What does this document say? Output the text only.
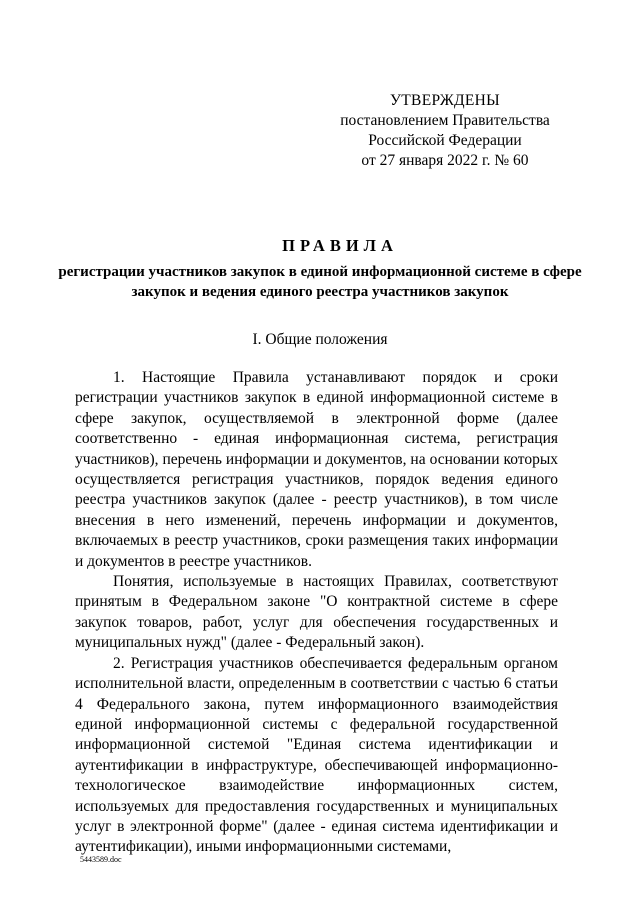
УТВЕРЖДЕНЫ
постановлением Правительства
Российской Федерации
от 27 января 2022 г. № 60
ПРАВИЛА
регистрации участников закупок в единой информационной системе в сфере закупок и ведения единого реестра участников закупок
I. Общие положения

1. Настоящие Правила устанавливают порядок и сроки регистрации участников закупок в единой информационной системе в сфере закупок, осуществляемой в электронной форме (далее соответственно - единая информационная система, регистрация участников), перечень информации и документов, на основании которых осуществляется регистрация участников, порядок ведения единого реестра участников закупок (далее - реестр участников), в том числе внесения в него изменений, перечень информации и документов, включаемых в реестр участников, сроки размещения таких информации и документов в реестре участников.

Понятия, используемые в настоящих Правилах, соответствуют принятым в Федеральном законе "О контрактной системе в сфере закупок товаров, работ, услуг для обеспечения государственных и муниципальных нужд" (далее - Федеральный закон).

2. Регистрация участников обеспечивается федеральным органом исполнительной власти, определенным в соответствии с частью 6 статьи 4 Федерального закона, путем информационного взаимодействия единой информационной системы с федеральной государственной информационной системой "Единая система идентификации и аутентификации в инфраструктуре, обеспечивающей информационно-технологическое взаимодействие информационных систем, используемых для предоставления государственных и муниципальных услуг в электронной форме" (далее - единая система идентификации и аутентификации), иными информационными системами,

5443589.doc
